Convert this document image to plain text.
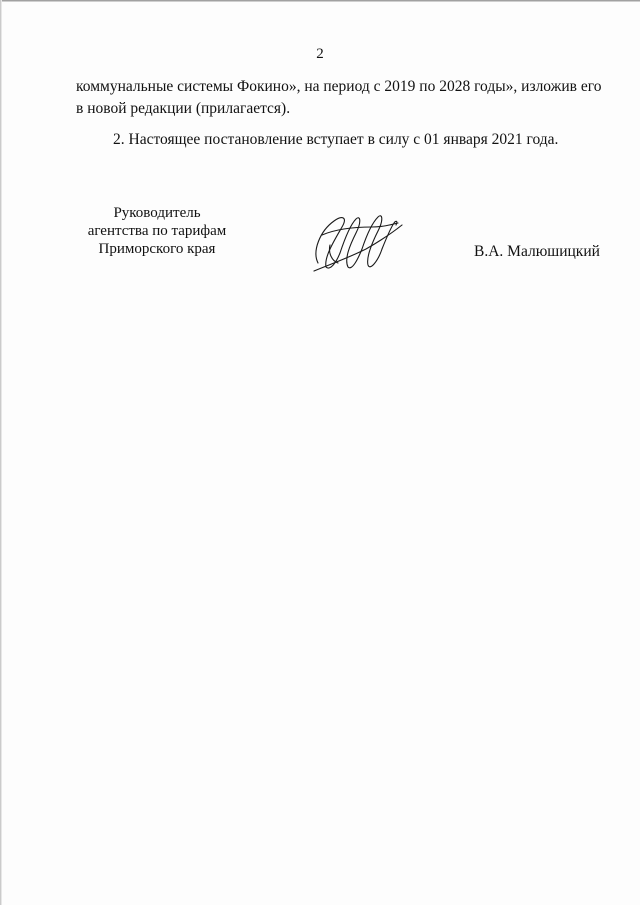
2
коммунальные системы Фокино», на период с 2019 по 2028 годы», изложив его
в новой редакции (прилагается).
2. Настоящее постановление вступает в силу с 01 января 2021 года.
Руководитель
агентства по тарифам
Приморского края	В.А. Малюшицкий
